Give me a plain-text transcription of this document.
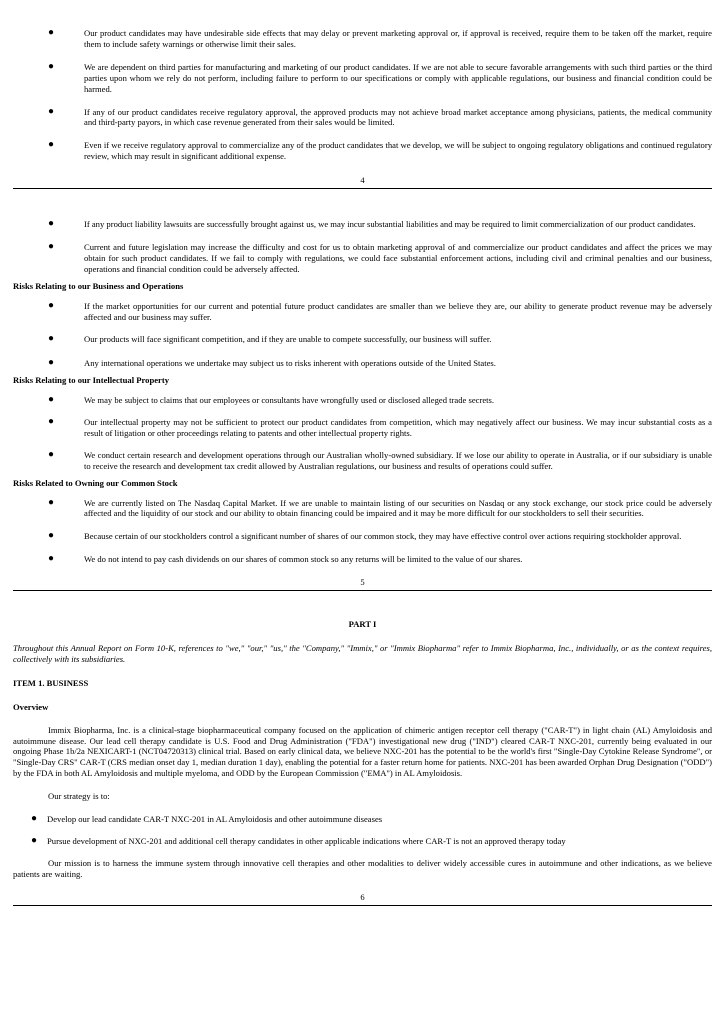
●	Our product candidates may have undesirable side effects that may delay or prevent marketing approval or, if approval is received, require them to be taken off the market, require them to include safety warnings or otherwise limit their sales.
●	We are dependent on third parties for manufacturing and marketing of our product candidates. If we are not able to secure favorable arrangements with such third parties or the third parties upon whom we rely do not perform, including failure to perform to our specifications or comply with applicable regulations, our business and financial condition could be harmed.
●	If any of our product candidates receive regulatory approval, the approved products may not achieve broad market acceptance among physicians, patients, the medical community and third-party payors, in which case revenue generated from their sales would be limited.
●	Even if we receive regulatory approval to commercialize any of the product candidates that we develop, we will be subject to ongoing regulatory obligations and continued regulatory review, which may result in significant additional expense.
4
●	If any product liability lawsuits are successfully brought against us, we may incur substantial liabilities and may be required to limit commercialization of our product candidates.
●	Current and future legislation may increase the difficulty and cost for us to obtain marketing approval of and commercialize our product candidates and affect the prices we may obtain for such product candidates. If we fail to comply with regulations, we could face substantial enforcement actions, including civil and criminal penalties and our business, operations and financial condition could be adversely affected.
Risks Relating to our Business and Operations
●	If the market opportunities for our current and potential future product candidates are smaller than we believe they are, our ability to generate product revenue may be adversely affected and our business may suffer.
●	Our products will face significant competition, and if they are unable to compete successfully, our business will suffer.
●	Any international operations we undertake may subject us to risks inherent with operations outside of the United States.
Risks Relating to our Intellectual Property
●	We may be subject to claims that our employees or consultants have wrongfully used or disclosed alleged trade secrets.
●	Our intellectual property may not be sufficient to protect our product candidates from competition, which may negatively affect our business. We may incur substantial costs as a result of litigation or other proceedings relating to patents and other intellectual property rights.
●	We conduct certain research and development operations through our Australian wholly-owned subsidiary. If we lose our ability to operate in Australia, or if our subsidiary is unable to receive the research and development tax credit allowed by Australian regulations, our business and results of operations could suffer.
Risks Related to Owning our Common Stock
●	We are currently listed on The Nasdaq Capital Market. If we are unable to maintain listing of our securities on Nasdaq or any stock exchange, our stock price could be adversely affected and the liquidity of our stock and our ability to obtain financing could be impaired and it may be more difficult for our stockholders to sell their securities.
●	Because certain of our stockholders control a significant number of shares of our common stock, they may have effective control over actions requiring stockholder approval.
●	We do not intend to pay cash dividends on our shares of common stock so any returns will be limited to the value of our shares.
5
PART I
Throughout this Annual Report on Form 10-K, references to "we," "our," "us," the "Company," "Immix," or "Immix Biopharma" refer to Immix Biopharma, Inc., individually, or as the context requires, collectively with its subsidiaries.
ITEM 1. BUSINESS
Overview
Immix Biopharma, Inc. is a clinical-stage biopharmaceutical company focused on the application of chimeric antigen receptor cell therapy ("CAR-T") in light chain (AL) Amyloidosis and autoimmune disease. Our lead cell therapy candidate is U.S. Food and Drug Administration ("FDA") investigational new drug ("IND") cleared CAR-T NXC-201, currently being evaluated in our ongoing Phase 1b/2a NEXICART-1 (NCT04720313) clinical trial. Based on early clinical data, we believe NXC-201 has the potential to be the world's first "Single-Day Cytokine Release Syndrome", or "Single-Day CRS" CAR-T (CRS median onset day 1, median duration 1 day), enabling the potential for a faster return home for patients. NXC-201 has been awarded Orphan Drug Designation ("ODD") by the FDA in both AL Amyloidosis and multiple myeloma, and ODD by the European Commission ("EMA") in AL Amyloidosis.
Our strategy is to:
● Develop our lead candidate CAR-T NXC-201 in AL Amyloidosis and other autoimmune diseases
● Pursue development of NXC-201 and additional cell therapy candidates in other applicable indications where CAR-T is not an approved therapy today
Our mission is to harness the immune system through innovative cell therapies and other modalities to deliver widely accessible cures in autoimmune and other indications, as we believe patients are waiting.
6
